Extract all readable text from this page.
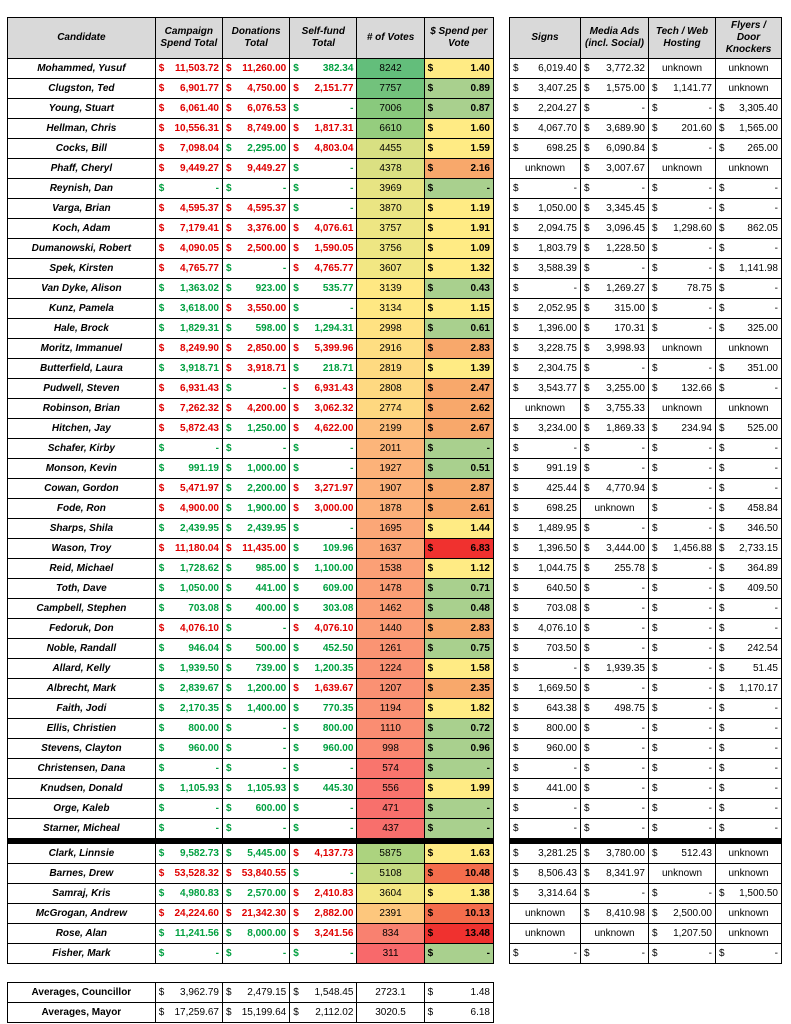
Candidate	Campaign Spend Total	Donations Total	Self-fund Total	# of Votes	$ Spend per Vote
Mohammed, Yusuf	$ 11,503.72	$ 11,260.00	$ 382.34	8242	$ 1.40

Clugston, Ted	$ 6,901.77	$ 4,750.00	$ 2,151.77	7757	$ 0.89

Young, Stuart	$ 6,061.40	$ 6,076.53	$ -	7006	$ 0.87

Hellman, Chris	$ 10,556.31	$ 8,749.00	$ 1,817.31	6610	$ 1.60

Cocks, Bill	$ 7,098.04	$ 2,295.00	$ 4,803.04	4455	$ 1.59

Phaff, Cheryl	$ 9,449.27	$ 9,449.27	$ -	4378	$ 2.16

Reynish, Dan	$ -	$ -	$ -	3969	$ -

Varga, Brian	$ 4,595.37	$ 4,595.37	$ -	3870	$ 1.19

Koch, Adam	$ 7,179.41	$ 3,376.00	$ 4,076.61	3757	$ 1.91

Dumanowski, Robert	$ 4,090.05	$ 2,500.00	$ 1,590.05	3756	$ 1.09

Spek, Kirsten	$ 4,765.77	$ -	$ 4,765.77	3607	$ 1.32

Van Dyke, Alison	$ 1,363.02	$ 923.00	$ 535.77	3139	$ 0.43

Kunz, Pamela	$ 3,618.00	$ 3,550.00	$ -	3134	$ 1.15

Hale, Brock	$ 1,829.31	$ 598.00	$ 1,294.31	2998	$ 0.61

Moritz, Immanuel	$ 8,249.90	$ 2,850.00	$ 5,399.96	2916	$ 2.83

Butterfield, Laura	$ 3,918.71	$ 3,918.71	$ 218.71	2819	$ 1.39

Pudwell, Steven	$ 6,931.43	$ -	$ 6,931.43	2808	$ 2.47

Robinson, Brian	$ 7,262.32	$ 4,200.00	$ 3,062.32	2774	$ 2.62

Hitchen, Jay	$ 5,872.43	$ 1,250.00	$ 4,622.00	2199	$ 2.67

Schafer, Kirby	$ -	$ -	$ -	2011	$ -

Monson, Kevin	$ 991.19	$ 1,000.00	$ -	1927	$ 0.51

Cowan, Gordon	$ 5,471.97	$ 2,200.00	$ 3,271.97	1907	$ 2.87

Fode, Ron	$ 4,900.00	$ 1,900.00	$ 3,000.00	1878	$ 2.61

Sharps, Shila	$ 2,439.95	$ 2,439.95	$ -	1695	$ 1.44

Wason, Troy	$ 11,180.04	$ 11,435.00	$ 109.96	1637	$ 6.83

Reid, Michael	$ 1,728.62	$ 985.00	$ 1,100.00	1538	$ 1.12

Toth, Dave	$ 1,050.00	$ 441.00	$ 609.00	1478	$ 0.71

Campbell, Stephen	$ 703.08	$ 400.00	$ 303.08	1462	$ 0.48

Fedoruk, Don	$ 4,076.10	$ -	$ 4,076.10	1440	$ 2.83

Noble, Randall	$ 946.04	$ 500.00	$ 452.50	1261	$ 0.75

Allard, Kelly	$ 1,939.50	$ 739.00	$ 1,200.35	1224	$ 1.58

Albrecht, Mark	$ 2,839.67	$ 1,200.00	$ 1,639.67	1207	$ 2.35

Faith, Jodi	$ 2,170.35	$ 1,400.00	$ 770.35	1194	$ 1.82

Ellis, Christien	$ 800.00	$ -	$ 800.00	1110	$ 0.72

Stevens, Clayton	$ 960.00	$ -	$ 960.00	998	$ 0.96

Christensen, Dana	$ -	$ -	$ -	574	$ -

Knudsen, Donald	$ 1,105.93	$ 1,105.93	$ 445.30	556	$ 1.99

Orge, Kaleb	$ -	$ 600.00	$ -	471	$ -

Starner, Micheal	$ -	$ -	$ -	437	$ -

Clark, Linnsie	$ 9,582.73	$ 5,445.00	$ 4,137.73	5875	$ 1.63

Barnes, Drew	$ 53,528.32	$ 53,840.55	$ -	5108	$ 10.48

Samraj, Kris	$ 4,980.83	$ 2,570.00	$ 2,410.83	3604	$ 1.38

McGrogan, Andrew	$ 24,224.60	$ 21,342.30	$ 2,882.00	2391	$ 10.13

Rose, Alan	$ 11,241.56	$ 8,000.00	$ 3,241.56	834	$ 13.48

Fisher, Mark	$ -	$ -	$ -	311	$ -
Signs	Media Ads (incl. Social)	Tech / Web Hosting	Flyers / Door Knockers

$ 6,019.40	$ 3,772.32	unknown	unknown

$ 3,407.25	$ 1,575.00	$ 1,141.77	unknown

$ 2,204.27	$ -	$ -	$ 3,305.40

$ 4,067.70	$ 3,689.90	$ 201.60	$ 1,565.00

$ 698.25	$ 6,090.84	$ -	$ 265.00

unknown	$ 3,007.67	unknown	unknown

$ -	$ -	$ -	$ -

$ 1,050.00	$ 3,345.45	$ -	$ -

$ 2,094.75	$ 3,096.45	$ 1,298.60	$ 862.05

$ 1,803.79	$ 1,228.50	$ -	$ -

$ 3,588.39	$ -	$ -	$ 1,141.98

$ -	$ 1,269.27	$ 78.75	$ -

$ 2,052.95	$ 315.00	$ -	$ -

$ 1,396.00	$ 170.31	$ -	$ 325.00

$ 3,228.75	$ 3,998.93	unknown	unknown

$ 2,304.75	$ -	$ -	$ 351.00

$ 3,543.77	$ 3,255.00	$ 132.66	$ -

unknown	$ 3,755.33	unknown	unknown

$ 3,234.00	$ 1,869.33	$ 234.94	$ 525.00

$ -	$ -	$ -	$ -

$ 991.19	$ -	$ -	$ -

$ 425.44	$ 4,770.94	$ -	$ -

$ 698.25	unknown	$ -	$ 458.84

$ 1,489.95	$ -	$ -	$ 346.50

$ 1,396.50	$ 3,444.00	$ 1,456.88	$ 2,733.15

$ 1,044.75	$ 255.78	$ -	$ 364.89

$ 640.50	$ -	$ -	$ 409.50

$ 703.08	$ -	$ -	$ -

$ 4,076.10	$ -	$ -	$ -

$ 703.50	$ -	$ -	$ 242.54

$ -	$ 1,939.35	$ -	$ 51.45

$ 1,669.50	$ -	$ -	$ 1,170.17

$ 643.38	$ 498.75	$ -	$ -

$ 800.00	$ -	$ -	$ -

$ 960.00	$ -	$ -	$ -

$ -	$ -	$ -	$ -

$ 441.00	$ -	$ -	$ -

$ -	$ -	$ -	$ -

$ -	$ -	$ -	$ -

$ 3,281.25	$ 3,780.00	$ 512.43	unknown

$ 8,506.43	$ 8,341.97	unknown	unknown

$ 3,314.64	$ -	$ -	$ 1,500.50

unknown	$ 8,410.98	$ 2,500.00	unknown
unknown	unknown	$ 1,207.50	unknown

$ -	$ -	$ -	$ -
Averages, Councillor	$ 3,962.79	$ 2,479.15	$ 1,548.45	2723.1	$ 1.48

Averages, Mayor	$ 17,259.67	$ 15,199.64	$ 2,112.02	3020.5	$ 6.18
